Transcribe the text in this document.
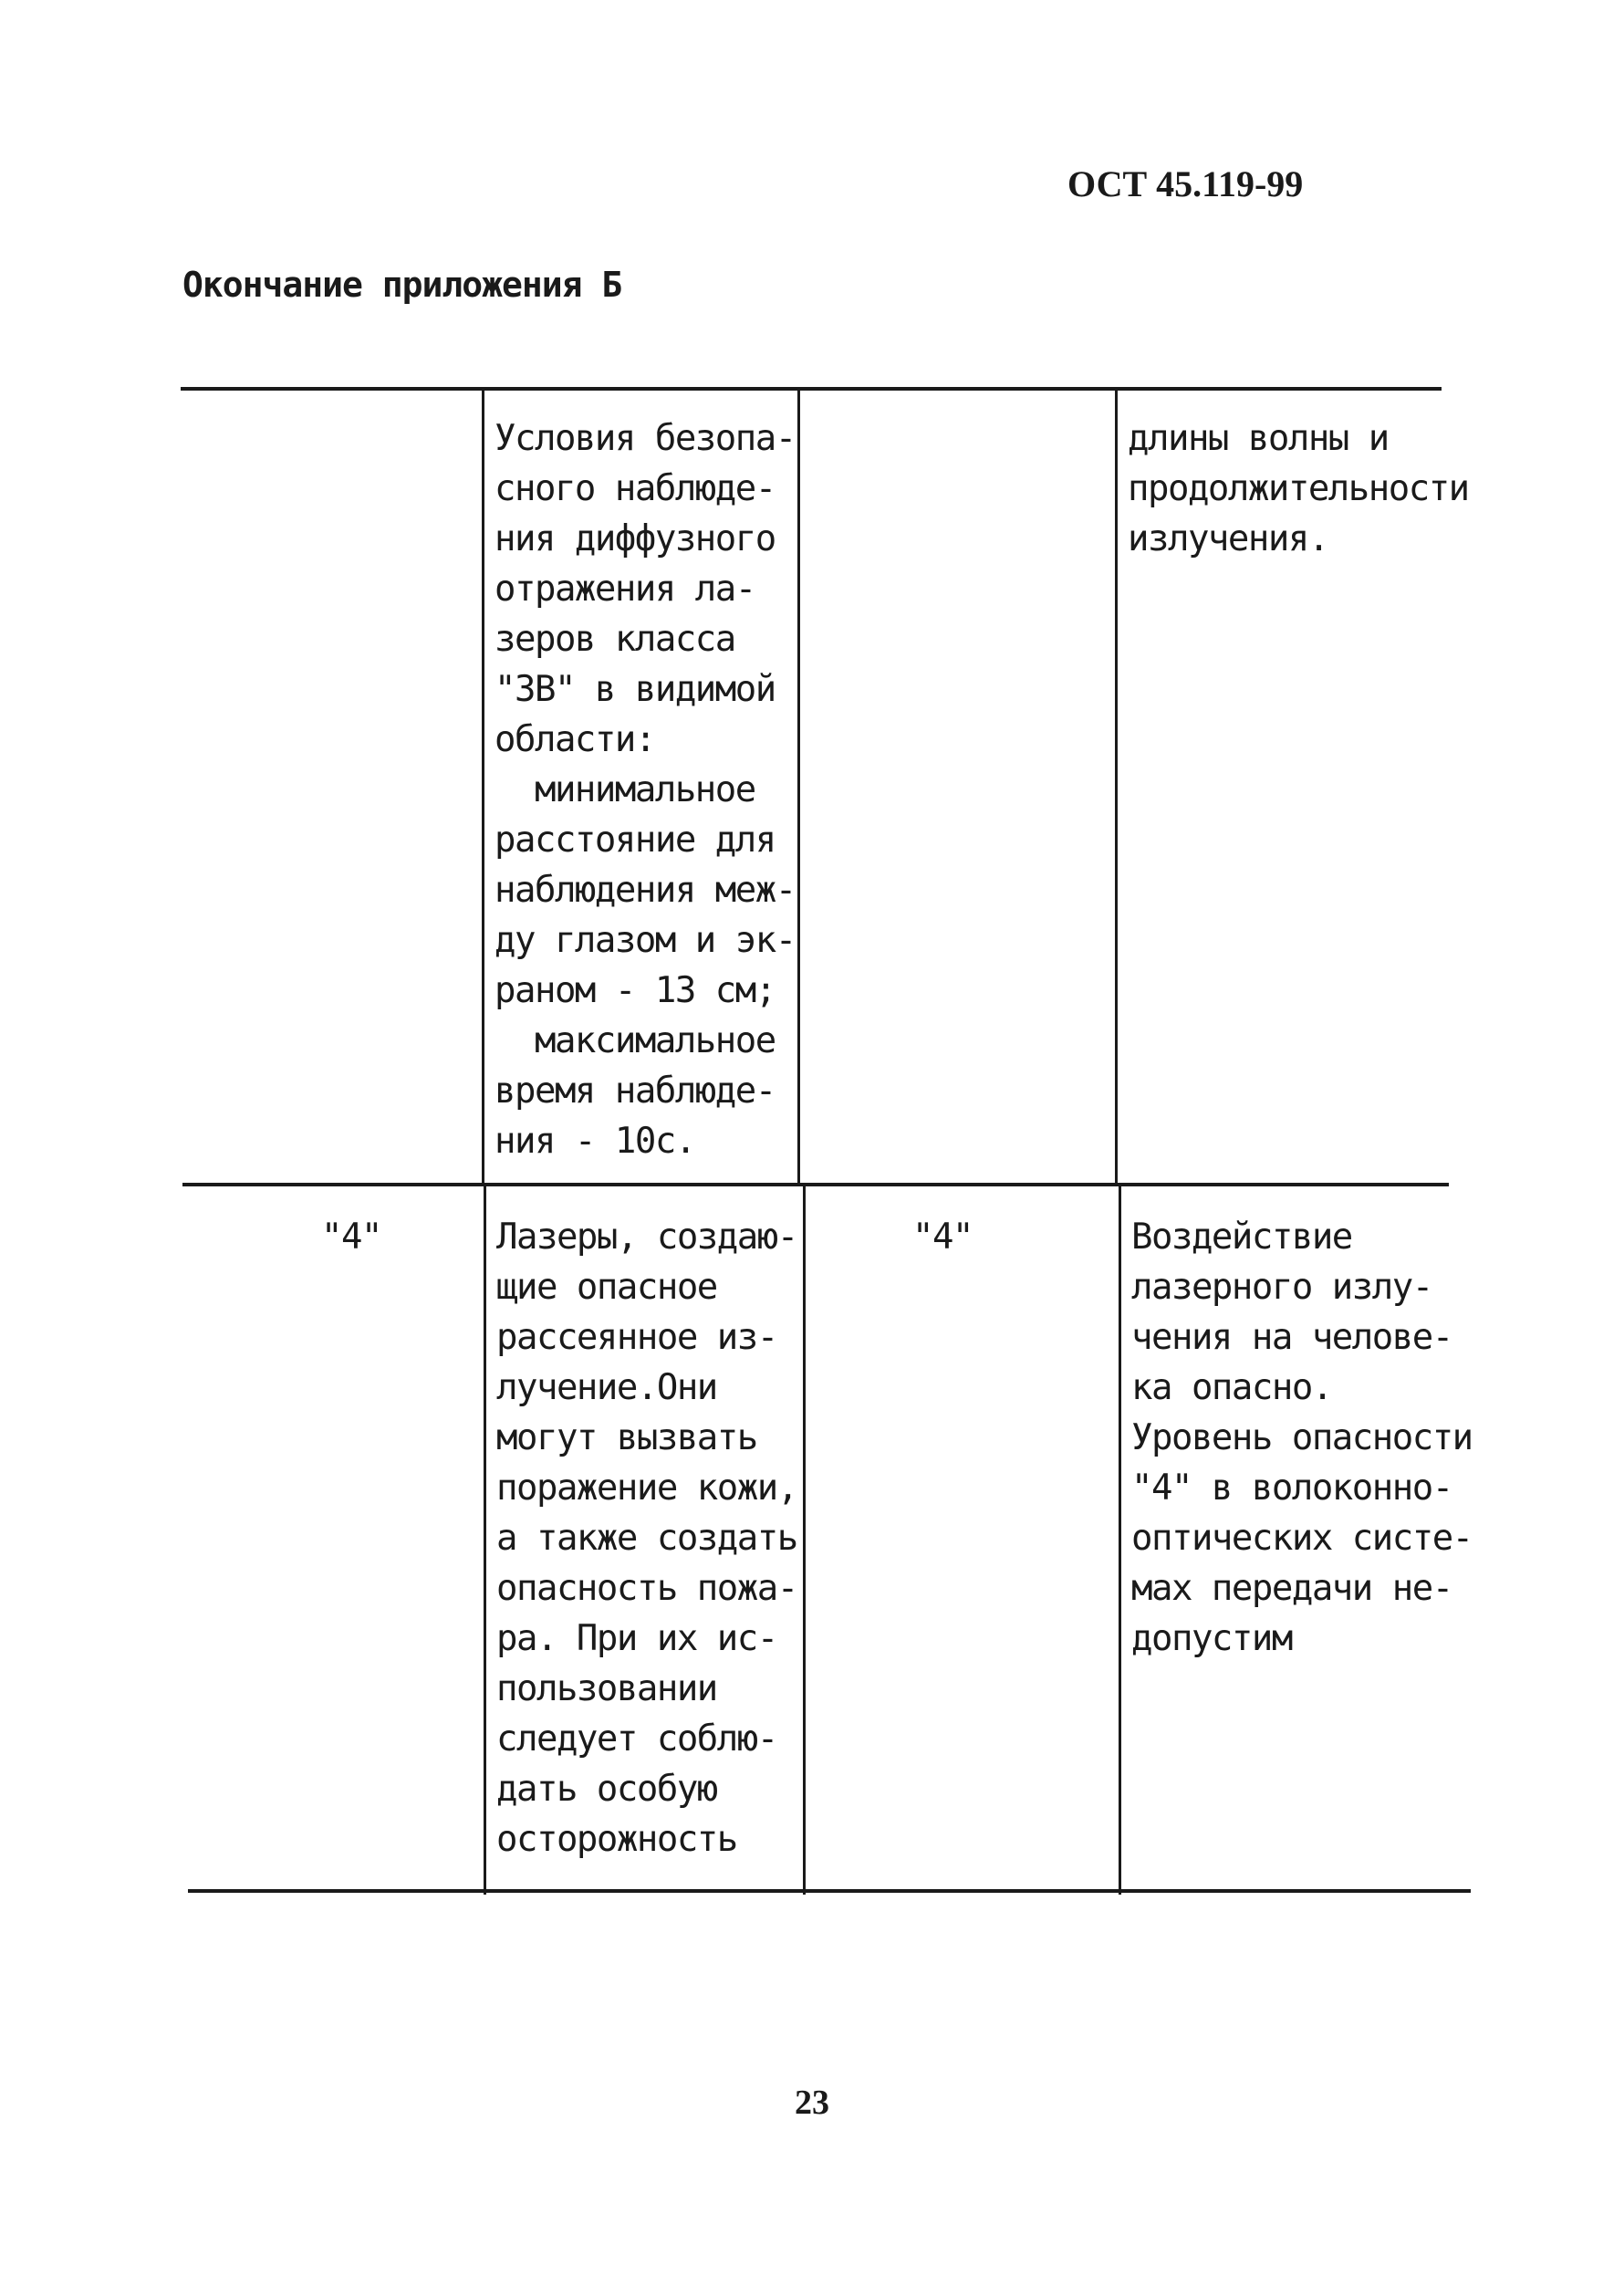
ОСТ 45.119-99
Окончание приложения Б
Условия безопа-
сного наблюде-
ния диффузного
отражения ла-
зеров класса
"3В" в видимой
области:
минимальное
расстояние для
наблюдения меж-
ду глазом и эк-
раном - 13 см;
максимальное
время наблюде-
ния - 10с.
длины волны и
продолжительности
излучения.
"4"	Лазеры, создаю-
щие опасное
рассеянное из-
лучение.Они
могут вызвать
поражение кожи,
а также создать
опасность пожа-
ра. При их ис-
пользовании
следует соблю-
дать особую
осторожность
"4"	Воздействие
лазерного излу-
чения на челове-
ка опасно.
Уровень опасности
"4" в волоконно-
оптических систе-
мах передачи не-
допустим
23
